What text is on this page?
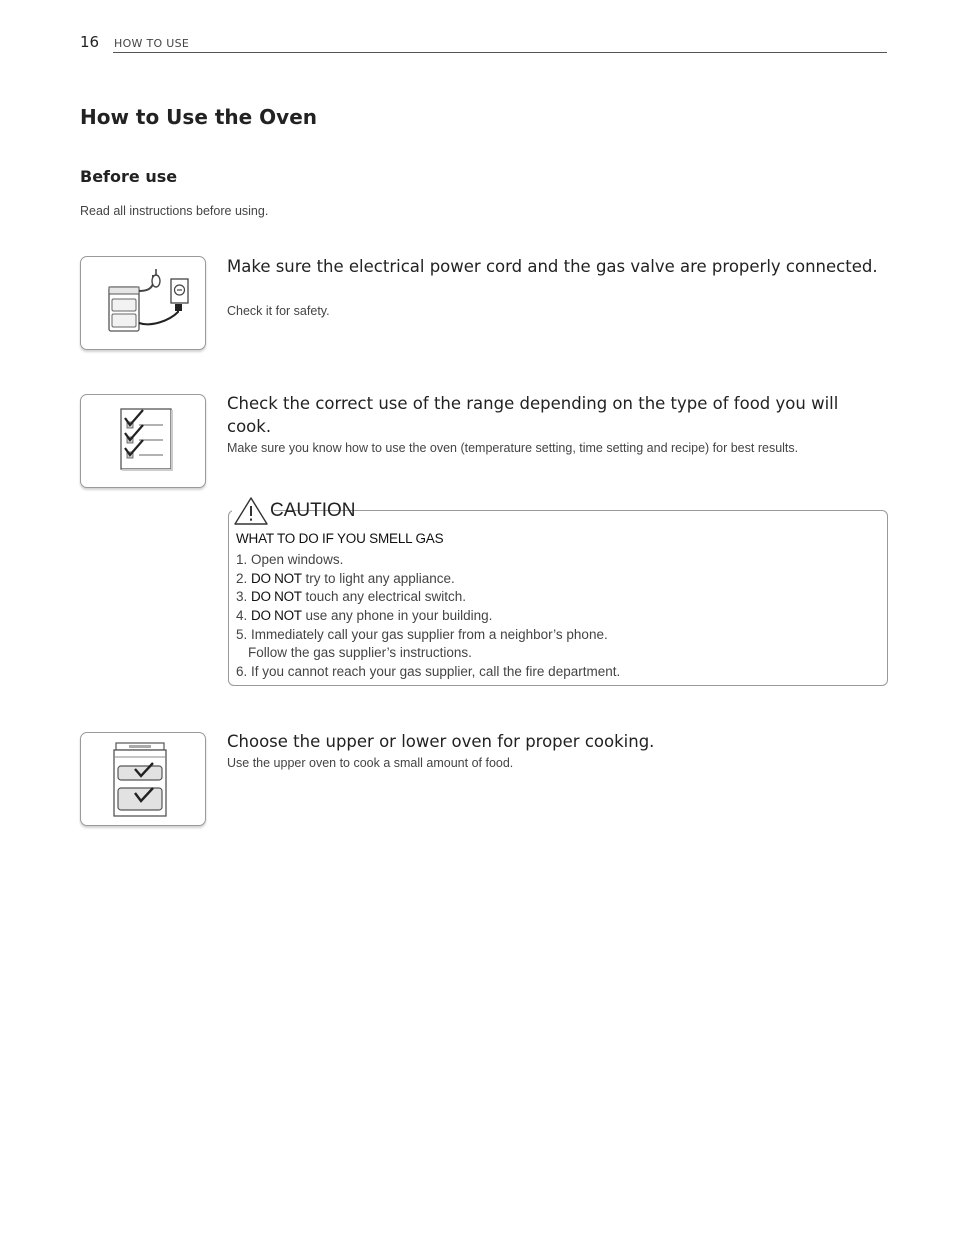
16 HOW TO USE
How to Use the Oven
Before use
Read all instructions before using.
Make sure the electrical power cord and the gas valve are properly connected.
Check it for safety.
Check the correct use of the range depending on the type of food you will cook.
Make sure you know how to use the oven (temperature setting, time setting and recipe) for best results.
CAUTION
WHAT TO DO IF YOU SMELL GAS
1. Open windows.
2. DO NOT try to light any appliance.
3. DO NOT touch any electrical switch.
4. DO NOT use any phone in your building.
5. Immediately call your gas supplier from a neighbor’s phone.
Follow the gas supplier’s instructions.
6. If you cannot reach your gas supplier, call the fire department.
Choose the upper or lower oven for proper cooking.
Use the upper oven to cook a small amount of food.
